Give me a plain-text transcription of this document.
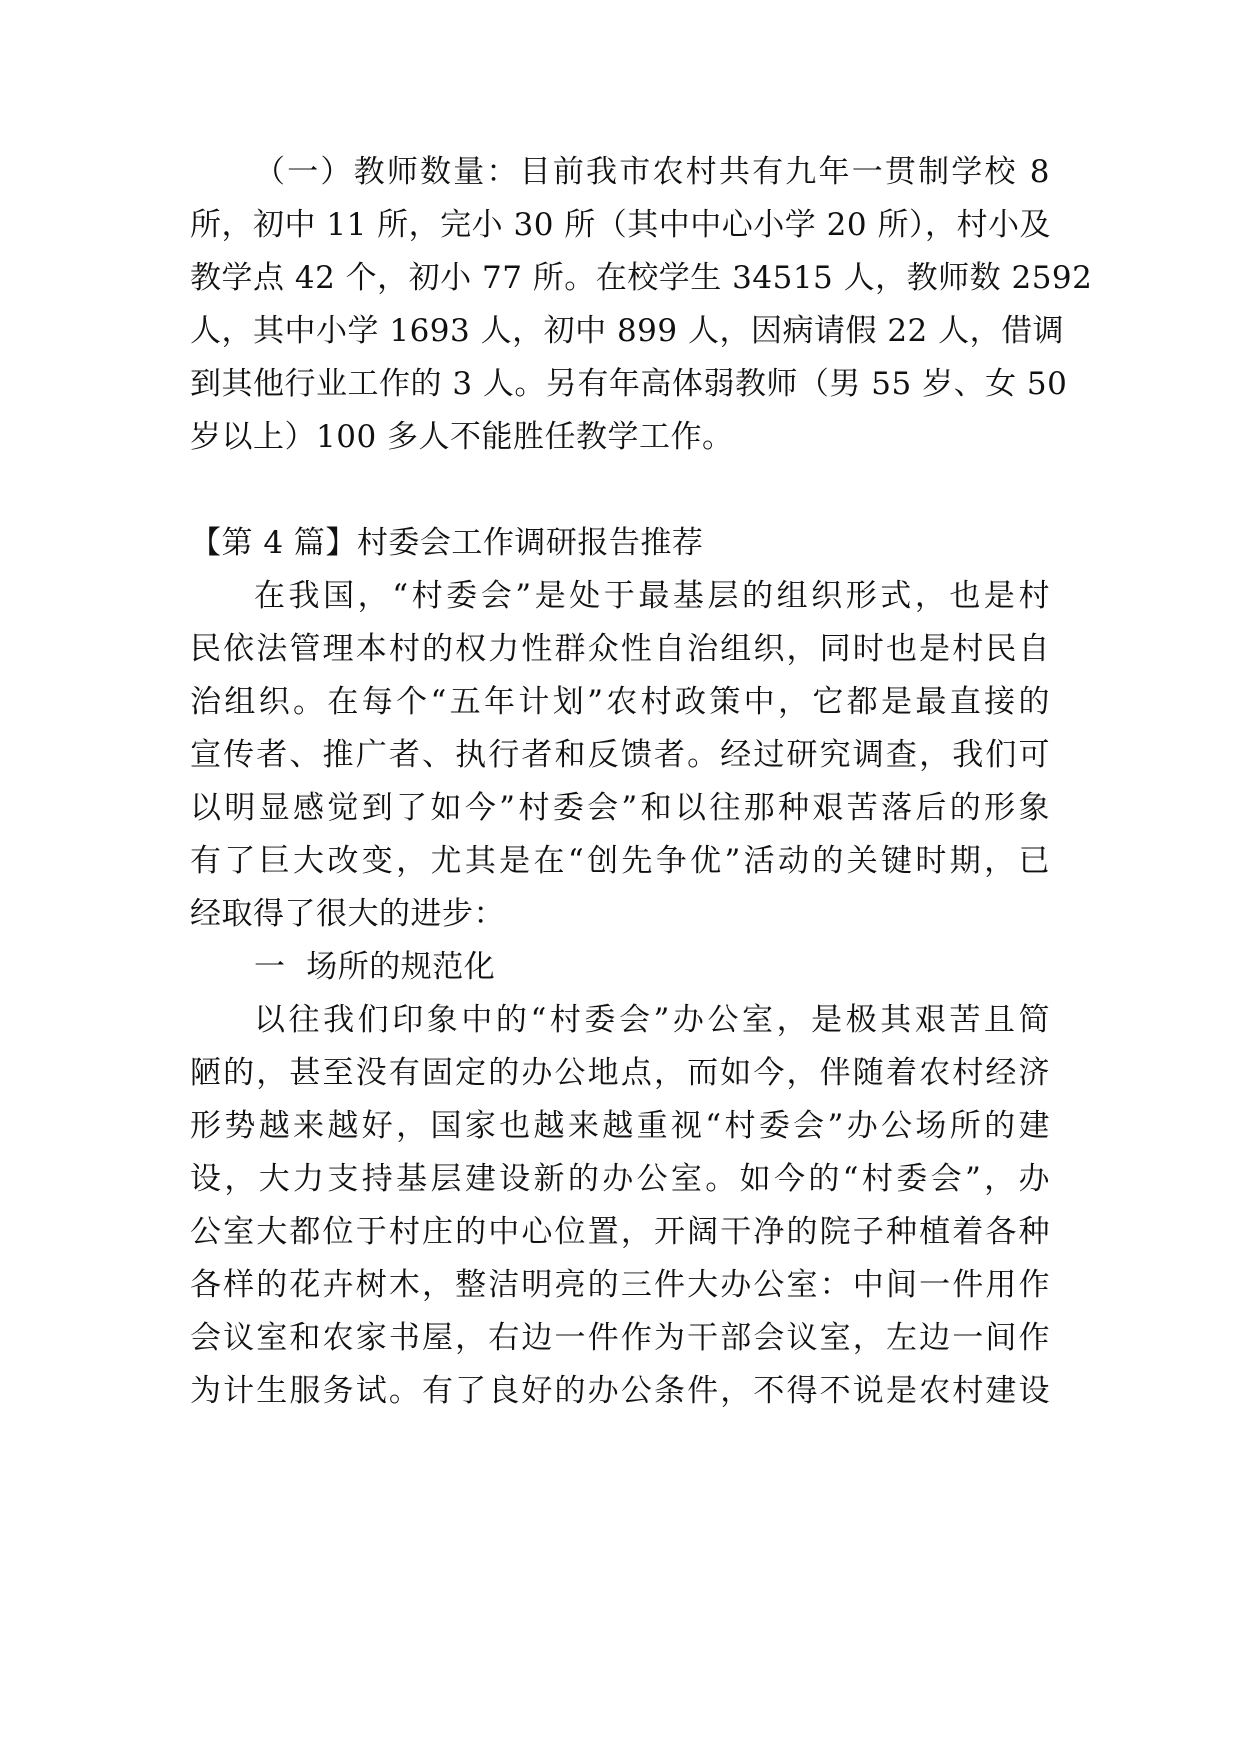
（一）教师数量：目前我市农村共有九年一贯制学校 8
所，初中 11 所，完小 30 所（其中中心小学 20 所），村小及
教学点 42 个，初小 77 所。在校学生 34515 人，教师数 2592
人，其中小学 1693 人，初中 899 人，因病请假 22 人，借调
到其他行业工作的 3 人。另有年高体弱教师（男 55 岁、女 50
岁以上）100 多人不能胜任教学工作。
【第 4 篇】村委会工作调研报告推荐
在我国，“村委会”是处于最基层的组织形式，也是村
民依法管理本村的权力性群众性自治组织，同时也是村民自
治组织。在每个“五年计划”农村政策中，它都是最直接的
宣传者、推广者、执行者和反馈者。经过研究调查，我们可
以明显感觉到了如今”村委会”和以往那种艰苦落后的形象
有了巨大改变，尤其是在“创先争优”活动的关键时期，已
经取得了很大的进步：
一  场所的规范化
以往我们印象中的“村委会”办公室，是极其艰苦且简
陋的，甚至没有固定的办公地点，而如今，伴随着农村经济
形势越来越好，国家也越来越重视“村委会”办公场所的建
设，大力支持基层建设新的办公室。如今的“村委会”，办
公室大都位于村庄的中心位置，开阔干净的院子种植着各种
各样的花卉树木，整洁明亮的三件大办公室：中间一件用作
会议室和农家书屋，右边一件作为干部会议室，左边一间作
为计生服务试。有了良好的办公条件，不得不说是农村建设
